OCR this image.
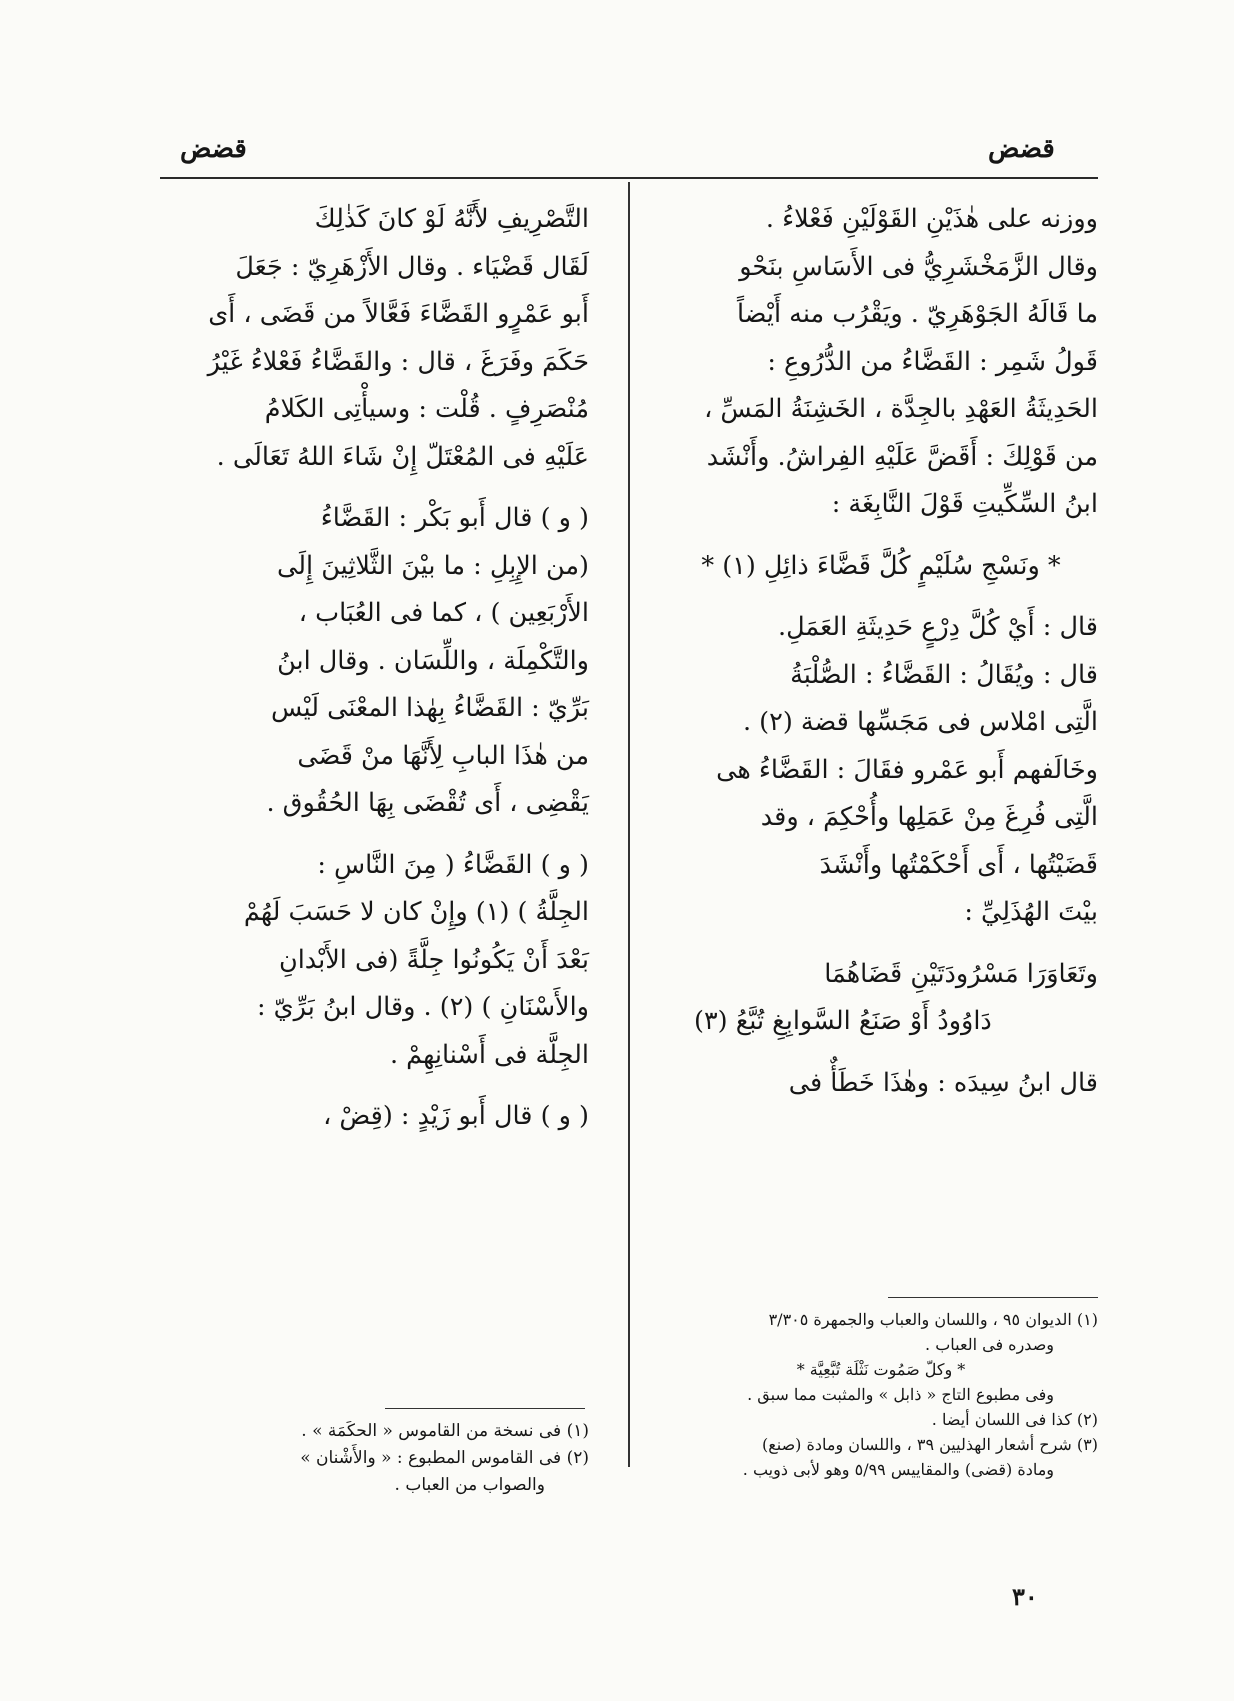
قضض
قضض

ووزنه على هٰذَيْنِ القَوْلَيْنِ فَعْلاءُ .

وقال الزَّمَخْشَرِيُّ فى الأَسَاسِ بنَحْو

ما قَالَهُ الجَوْهَرِيّ . ويَقْرُب منه أَيْضاً

قَولُ شَمِر : القَضَّاءُ من الدُّرُوعِ :

الحَدِيثَةُ العَهْدِ بالجِدَّة ، الخَشِنَةُ المَسِّ ،

من قَوْلِكَ : أَقَضَّ عَلَيْهِ الفِراشُ. وأَنْشَد

ابنُ السِّكِّيتِ قَوْلَ النَّابِغَة :

* ونَسْجِ سُلَيْمٍ كُلَّ قَضَّاءَ ذائِلِ (١) *

قال : أَيْ كُلَّ دِرْعٍ حَدِيثَةِ العَمَلِ.

قال : ويُقَالُ : القَضَّاءُ : الصُّلْبَةُ

الَّتِى امْلاس فى مَجَسِّها قضة (٢) .

وخَالَفهم أَبو عَمْرو فقَالَ : القَضَّاءُ هى

الَّتِى فُرِغَ مِنْ عَمَلِها وأُحْكِمَ ، وقد

قَضَيْتُها ، أَى أَحْكَمْتُها وأَنْشَدَ

بيْتَ الهُذَلِيِّ :

وتَعَاوَرَا مَسْرُودَتَيْنِ قَضَاهُمَا

دَاوُودُ أَوْ صَنَعُ السَّوابِغِ تُبَّعُ (٣)

قال ابنُ سِيدَه : وهٰذَا خَطَأٌ فى

التَّصْرِيفِ لأَنَّهُ لَوْ كانَ كَذٰلِكَ

لَقَال قَضْيَاء . وقال الأَزْهَرِيّ : جَعَلَ

أَبو عَمْرٍو القَضَّاءَ فَعَّالاً من قَضَى ، أَى

حَكَمَ وفَرَغَ ، قال : والقَضَّاءُ فَعْلاءُ غَيْرُ

مُنْصَرِفٍ . قُلْت : وسيأْتِى الكَلامُ

عَلَيْهِ فى المُعْتَلّ إِنْ شَاءَ اللهُ تَعَالَى .

( و ) قال أَبو بَكْر : القَضَّاءُ

(من الإِبِلِ : ما بيْنَ الثَّلاثِينَ إِلَى

الأَرْبَعِين ) ، كما فى العُبَاب ،

والتَّكْمِلَة ، واللِّسَان . وقال ابنُ

بَرِّيّ : القَضَّاءُ بِهٰذا المعْنَى لَيْس

من هٰذَا البابِ لِأَنَّهَا منْ قَضَى

يَقْضِى ، أَى تُقْضَى بِهَا الحُقُوق .

( و ) القَضَّاءُ ( مِنَ النَّاسِ :

الجِلَّةُ ) (١) وإِنْ كان لا حَسَبَ لَهُمْ

بَعْدَ أَنْ يَكُونُوا جِلَّةً (فى الأَبْدانِ

والأَسْنَانِ ) (٢) . وقال ابنُ بَرِّيّ :

الجِلَّة فى أَسْنانِهِمْ .

( و ) قال أَبو زَيْدٍ : (قِضْ ،

(١) الديوان ٩٥ ، واللسان والعباب والجمهرة ٣/٣٠٥

وصدره فى العباب .

* وكلّ صَمُوت نَثْلَة تُبَّعِيَّة *

وفى مطبوع التاج « ذابل » والمثبت مما سبق .

(٢) كذا فى اللسان أيضا .

(٣) شرح أشعار الهذليين ٣٩ ، واللسان ومادة (صنع)

ومادة (قضى) والمقاييس ٥/٩٩ وهو لأبى ذويب .

(١) فى نسخة من القاموس « الحكَمَة » .

(٢) فى القاموس المطبوع : « والأَشْنان »

والصواب من العباب .

٣٠
